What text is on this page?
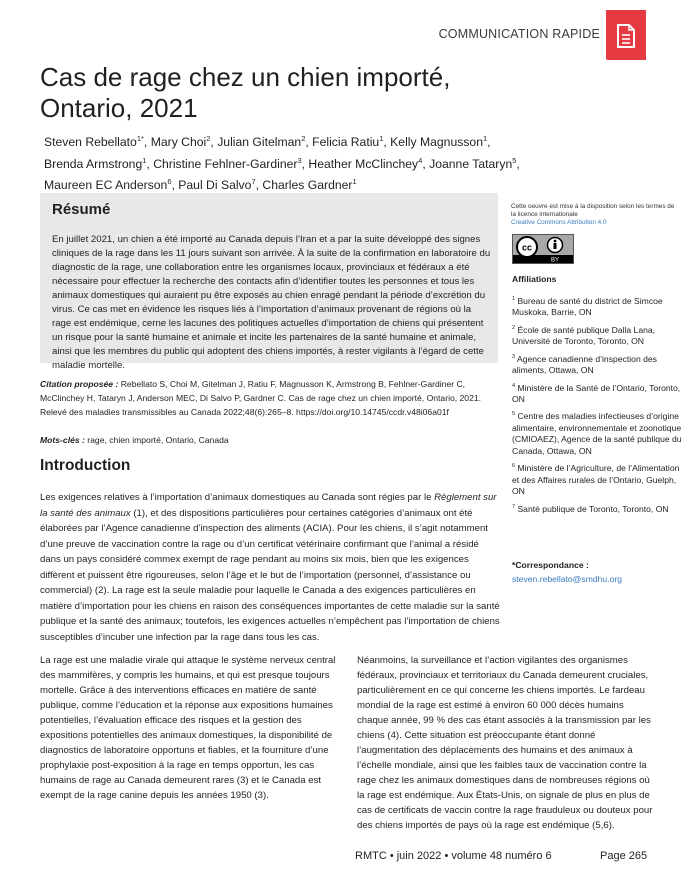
COMMUNICATION RAPIDE
Cas de rage chez un chien importé, Ontario, 2021
Steven Rebellato$^{1*}$, Mary Choi$^2$, Julian Gitelman$^2$, Felicia Ratiu$^1$, Kelly Magnusson$^1$,
Brenda Armstrong$^1$, Christine Fehlner-Gardiner$^3$, Heather McClinchey$^4$, Joanne Tataryn$^5$,
Maureen EC Anderson$^6$, Paul Di Salvo$^7$, Charles Gardner$^1$
Résumé

En juillet 2021, un chien a été importé au Canada depuis l’Iran et a par la suite développé des signes cliniques de la rage dans les 11 jours suivant son arrivée. À la suite de la confirmation en laboratoire du diagnostic de la rage, une collaboration entre les organismes locaux, provinciaux et fédéraux a été nécessaire pour effectuer la recherche des contacts afin d’identifier toutes les personnes et tous les animaux domestiques qui auraient pu être exposés au chien enragé pendant la période d’excrétion du virus. Ce cas met en évidence les risques liés à l’importation d’animaux provenant de régions où la rage est endémique, cerne les lacunes des politiques actuelles d’importation de chiens qui présentent un risque pour la santé humaine et animale et incite les partenaires de la santé humaine et animale, ainsi que les membres du public qui adoptent des chiens importés, à rester vigilants à l’égard de cette maladie mortelle.

Citation proposée : Rebellato S, Choi M, Gitelman J, Ratiu F, Magnusson K, Armstrong B, Fehlner-Gardiner C, McClinchey H, Tataryn J, Anderson MEC, Di Salvo P, Gardner C. Cas de rage chez un chien importé, Ontario, 2021. Relevé des maladies transmissibles au Canada 2022;48(6):265–8. https://doi.org/10.14745/ccdr.v48i06a01f

Mots-clés : rage, chien importé, Ontario, Canada

Introduction

Les exigences relatives à l’importation d’animaux domestiques au Canada sont régies par le Règlement sur la santé des animaux (1), et des dispositions particulières pour certaines catégories d’animaux ont été élaborées par l’Agence canadienne d’inspection des aliments (ACIA). Pour les chiens, il s’agit notamment d’une preuve de vaccination contre la rage ou d’un certificat vétérinaire confirmant que l’animal a résidé dans un pays considéré commex exempt de rage pendant au moins six mois, bien que les exigences diffèrent et puissent être rigoureuses, selon l’âge et le but de l’importation (personnel, d’assistance ou commercial) (2). La rage est la seule maladie pour laquelle le Canada a des exigences particulières en matière d’importation pour les chiens en raison des conséquences importantes de cette maladie sur la santé publique et la santé des animaux; toutefois, les exigences actuelles n’empêchent pas l’importation de chiens susceptibles d’incuber une infection par la rage dans tous les cas.

La rage est une maladie virale qui attaque le système nerveux central des mammifères, y compris les humains, et qui est presque toujours mortelle. Grâce à des interventions efficaces en matière de santé publique, comme l’éducation et la réponse aux expositions humaines potentielles, l’évaluation efficace des risques et la gestion des expositions potentielles des animaux domestiques, la disponibilité de diagnostics de laboratoire opportuns et fiables, et la fourniture d’une prophylaxie post-exposition à la rage en temps opportun, les cas humains de rage au Canada demeurent rares (3) et le Canada est exempt de la rage canine depuis les années 1950 (3).

Néanmoins, la surveillance et l’action vigilantes des organismes fédéraux, provinciaux et territoriaux du Canada demeurent cruciales, particulièrement en ce qui concerne les chiens importés. Le fardeau mondial de la rage est estimé à environ 60 000 décès humains chaque année, 99 % des cas étant associés à la transmission par les chiens (4). Cette situation est préoccupante étant donné l’augmentation des déplacements des humains et des animaux à l’échelle mondiale, ainsi que les faibles taux de vaccination contre la rage chez les animaux domestiques dans de nombreuses régions où la rage est endémique. Aux États-Unis, on signale de plus en plus de cas de certificats de vaccin contre la rage frauduleux ou douteux pour des chiens importés de pays où la rage est endémique (5,6).

Cette oeuvre est mise à la disposition selon les termes de la licence internationale
Creative Commons Attribution 4.0
cc
BY
Affiliations
$^1$ Bureau de santé du district de Simcoe Muskoka, Barrie, ON
$^2$ École de santé publique Dalla Lana, Université de Toronto, Toronto, ON
$^3$ Agence canadienne d’inspection des aliments, Ottawa, ON
$^4$ Ministère de la Santé de l’Ontario, Toronto, ON
$^5$ Centre des maladies infectieuses d’origine alimentaire, environnementale et zoonotique (CMIOAEZ), Agence de la santé publique du Canada, Ottawa, ON
$^6$ Ministère de l’Agriculture, de l’Alimentation et des Affaires rurales de l’Ontario, Guelph, ON
$^7$ Santé publique de Toronto, Toronto, ON
*Correspondance :
steven.rebellato@smdhu.org
RMTC • juin 2022 • volume 48 numéro 6	Page 265
